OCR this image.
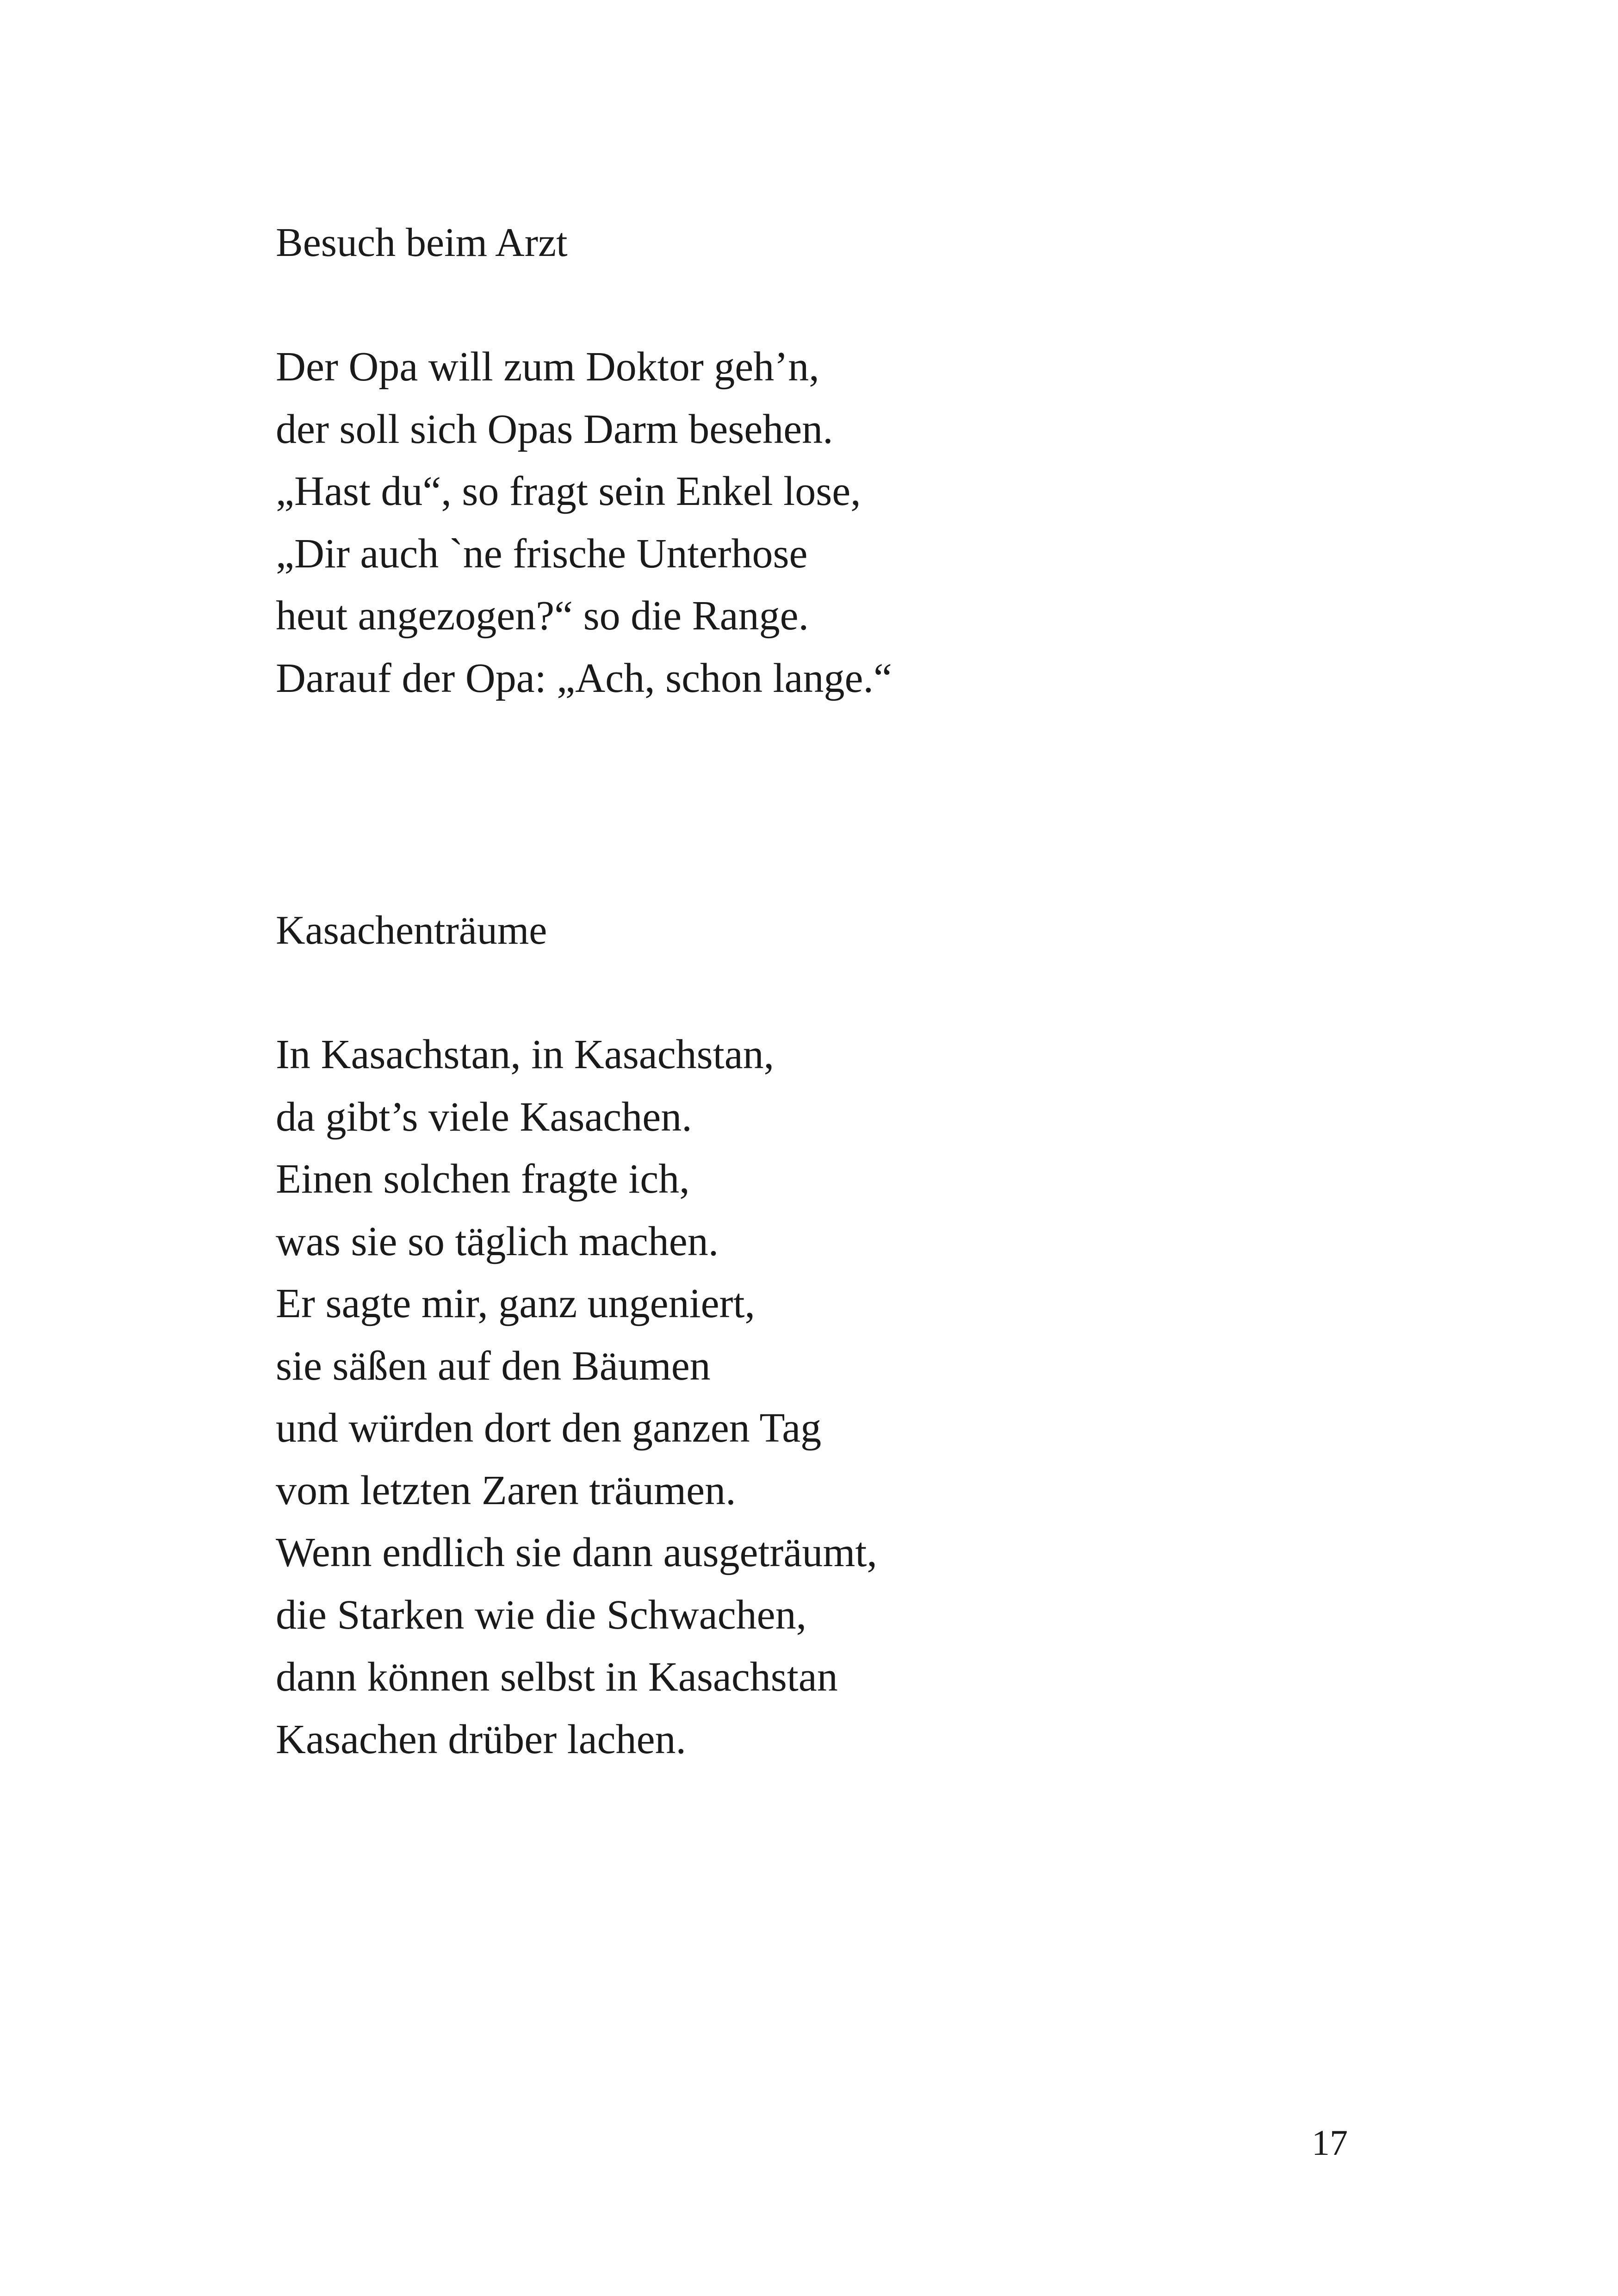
Besuch beim Arzt
Der Opa will zum Doktor geh’n,
der soll sich Opas Darm besehen.
„Hast du“, so fragt sein Enkel lose,
„Dir auch `ne frische Unterhose
heut angezogen?“ so die Range.
Darauf der Opa: „Ach, schon lange.“
Kasachenträume
In Kasachstan, in Kasachstan,
da gibt’s viele Kasachen.
Einen solchen fragte ich,
was sie so täglich machen.
Er sagte mir, ganz ungeniert,
sie säßen auf den Bäumen
und würden dort den ganzen Tag
vom letzten Zaren träumen.
Wenn endlich sie dann ausgeträumt,
die Starken wie die Schwachen,
dann können selbst in Kasachstan
Kasachen drüber lachen.
17
